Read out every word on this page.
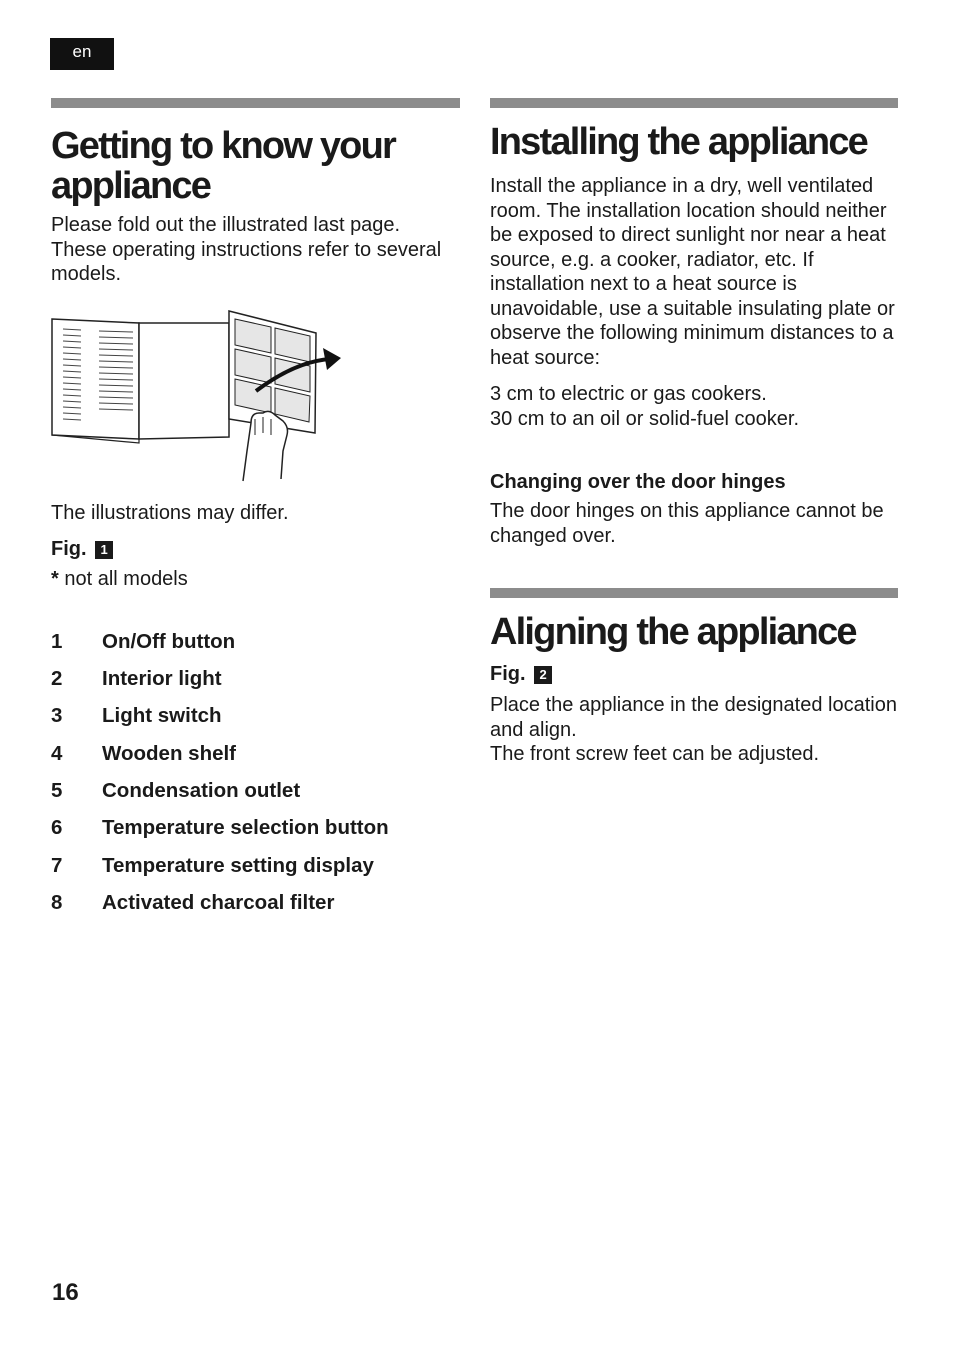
en
Getting to know your appliance

Please fold out the illustrated last page. These operating instructions refer to several models.

The illustrations may differ.

Fig. 1

* not all models

1	On/Off button
2	Interior light
3	Light switch
4	Wooden shelf
5	Condensation outlet
6	Temperature selection button
7	Temperature setting display
8	Activated charcoal filter
Installing the appliance

Install the appliance in a dry, well ventilated room. The installation location should neither be exposed to direct sunlight nor near a heat source, e.g. a cooker, radiator, etc. If installation next to a heat source is unavoidable, use a suitable insulating plate or observe the following minimum distances to a heat source:

3 cm to electric or gas cookers.

30 cm to an oil or solid-fuel cooker.

Changing over the door hinges

The door hinges on this appliance cannot be changed over.

Aligning the appliance
Fig. 2

Place the appliance in the designated location and align.

The front screw feet can be adjusted.

16
